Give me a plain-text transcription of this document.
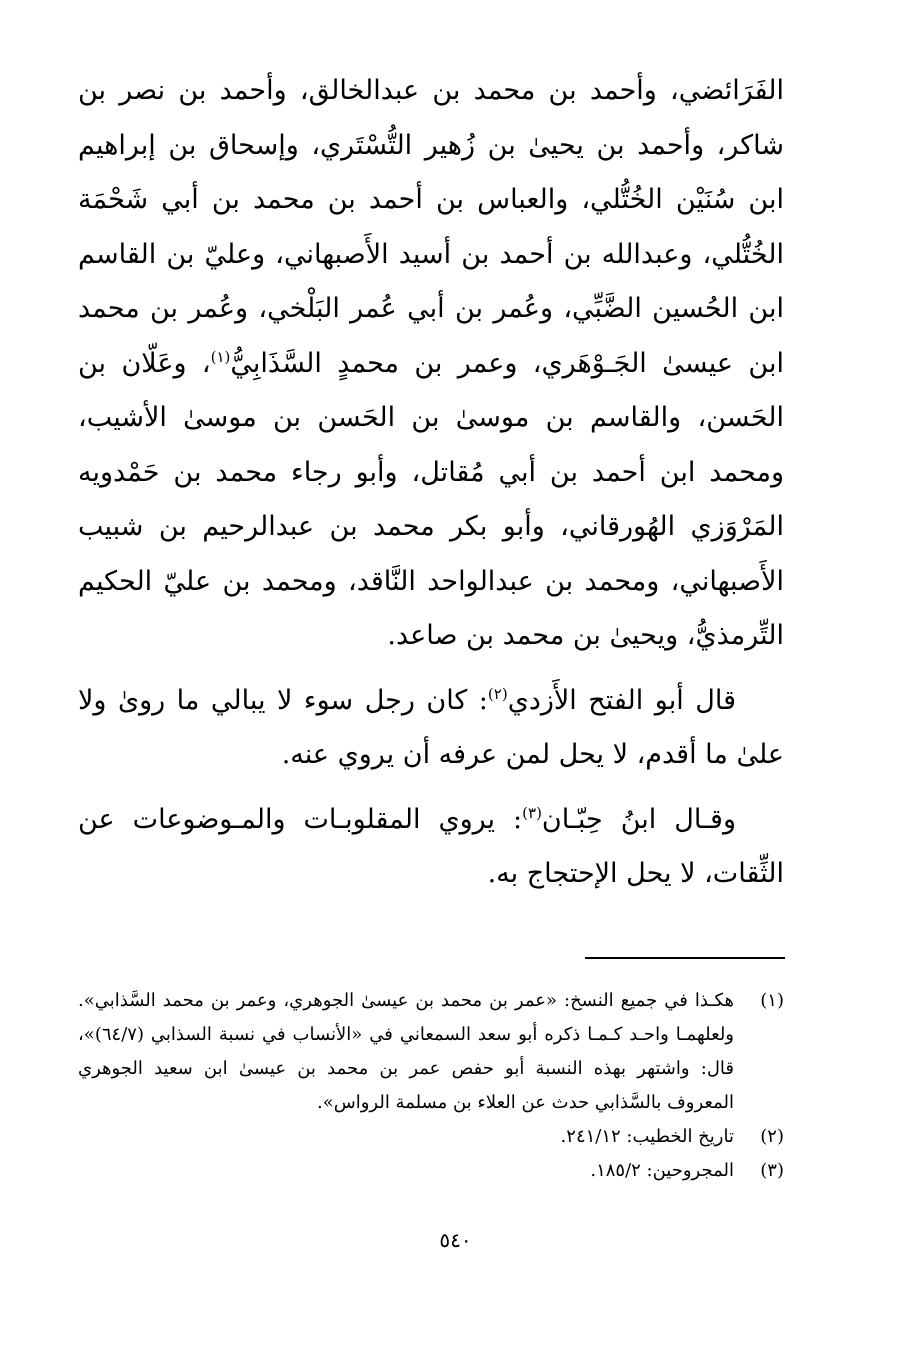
الفَرَائضي، وأحمد بن محمد بن عبدالخالق، وأحمد بن نصر بن شاكر، وأحمد بن يحيىٰ بن زُهير التُّسْتَري، وإسحاق بن إبراهيم ابن سُنَيْن الخُتُّلي، والعباس بن أحمد بن محمد بن أبي شَحْمَة الخُتُّلي، وعبدالله بن أحمد بن أسيد الأَصبهاني، وعليّ بن القاسم ابن الحُسين الضَّبِّي، وعُمر بن أبي عُمر البَلْخي، وعُمر بن محمد ابن عيسىٰ الجَـوْهَري، وعمر بن محمدٍ السَّذَابِيُّ$^{(١)}$، وعَلّان بن الحَسن، والقاسم بن موسىٰ بن الحَسن بن موسىٰ الأشيب، ومحمد ابن أحمد بن أبي مُقاتل، وأبو رجاء محمد بن حَمْدويه المَرْوَزي الهُورقاني، وأبو بكر محمد بن عبدالرحيم بن شبيب الأَصبهاني، ومحمد بن عبدالواحد النَّاقد، ومحمد بن عليّ الحكيم التِّرمذيُّ، ويحيىٰ بن محمد بن صاعد.

قال أبو الفتح الأَزدي$^{(٢)}$: كان رجل سوء لا يبالي ما روىٰ ولا علىٰ ما أقدم، لا يحل لمن عرفه أن يروي عنه.

وقـال ابنُ حِبّـان$^{(٣)}$: يروي المقلوبـات والمـوضوعات عن الثِّقات، لا يحل الإحتجاج به.

(١)
هكـذا في جميع النسخ: «عمر بن محمد بن عيسىٰ الجوهري، وعمر بن محمد السَّذابي». ولعلهمـا واحـد كـمـا ذكره أبو سعد السمعاني في «الأنساب في نسبة السذابي (٦٤/٧)»، قال: واشتهر بهذه النسبة أبو حفص عمر بن محمد بن عيسىٰ ابن سعيد الجوهري المعروف بالسَّذابي حدث عن العلاء بن مسلمة الرواس».
(٢)
تاريخ الخطيب: ٢٤١/١٢.
(٣)
المجروحين: ١٨٥/٢.
٥٤٠
